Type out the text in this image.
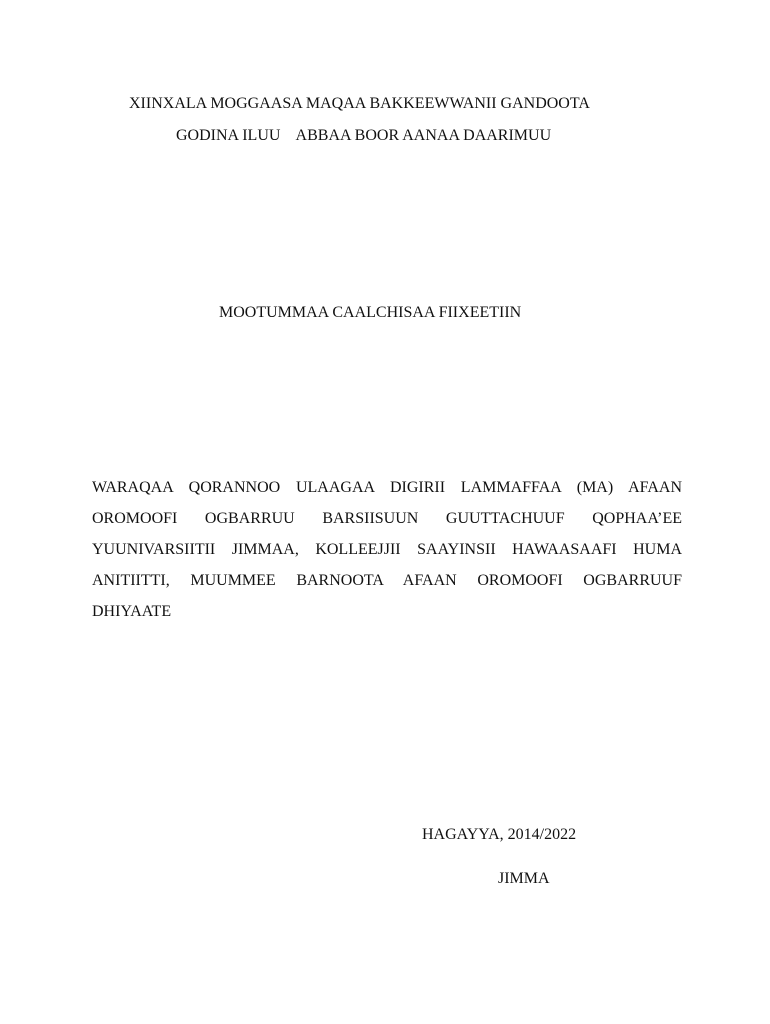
XIINXALA MOGGAASA MAQAA BAKKEEWWANII GANDOOTA
GODINA ILUU    ABBAA BOOR AANAA DAARIMUU
MOOTUMMAA CAALCHISAA FIIXEETIIN
WARAQAA QORANNOO ULAAGAA DIGIRII LAMMAFFAA (MA) AFAAN
OROMOOFI OGBARRUU BARSIISUUN GUUTTACHUUF QOPHAA’EE
YUUNIVARSIITII JIMMAA, KOLLEEJJII SAAYINSII HAWAASAAFI HUMA
ANITIITTI, MUUMMEE BARNOOTA AFAAN OROMOOFI OGBARRUUF
DHIYAATE
HAGAYYA, 2014/2022
JIMMA
